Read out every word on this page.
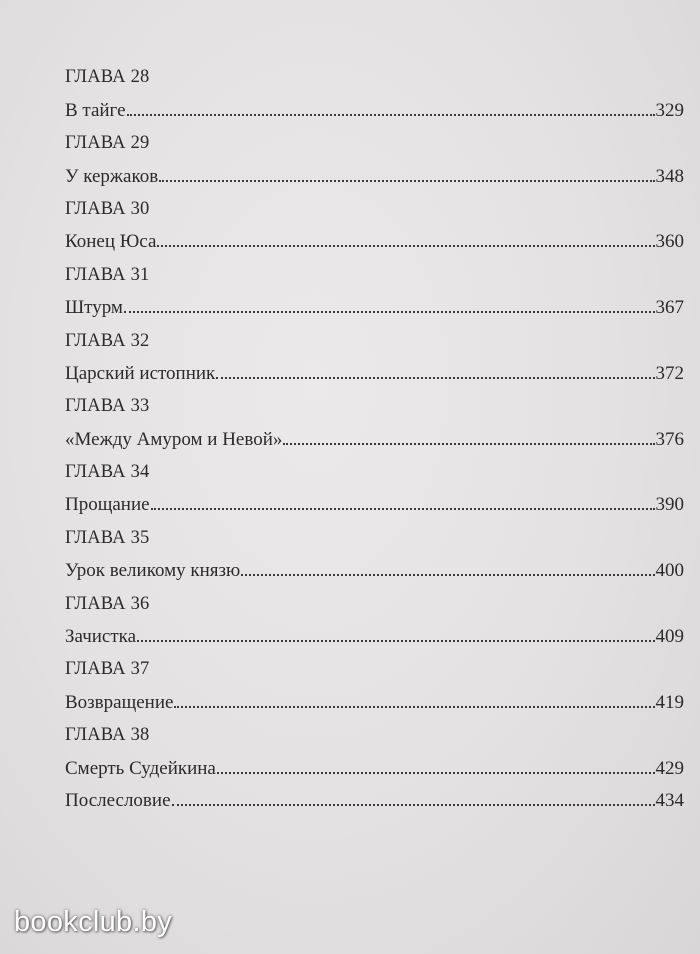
ГЛАВА 28
В тайге	329
ГЛАВА 29
У кержаков	348
ГЛАВА 30
Конец Юса	360
ГЛАВА 31
Штурм	367
ГЛАВА 32
Царский истопник	372
ГЛАВА 33
«Между Амуром и Невой»	376
ГЛАВА 34
Прощание	390
ГЛАВА 35
Урок великому князю	400
ГЛАВА 36
Зачистка	409
ГЛАВА 37
Возвращение	419
ГЛАВА 38
Смерть Судейкина	429
Послесловие	434
bookclub.by
